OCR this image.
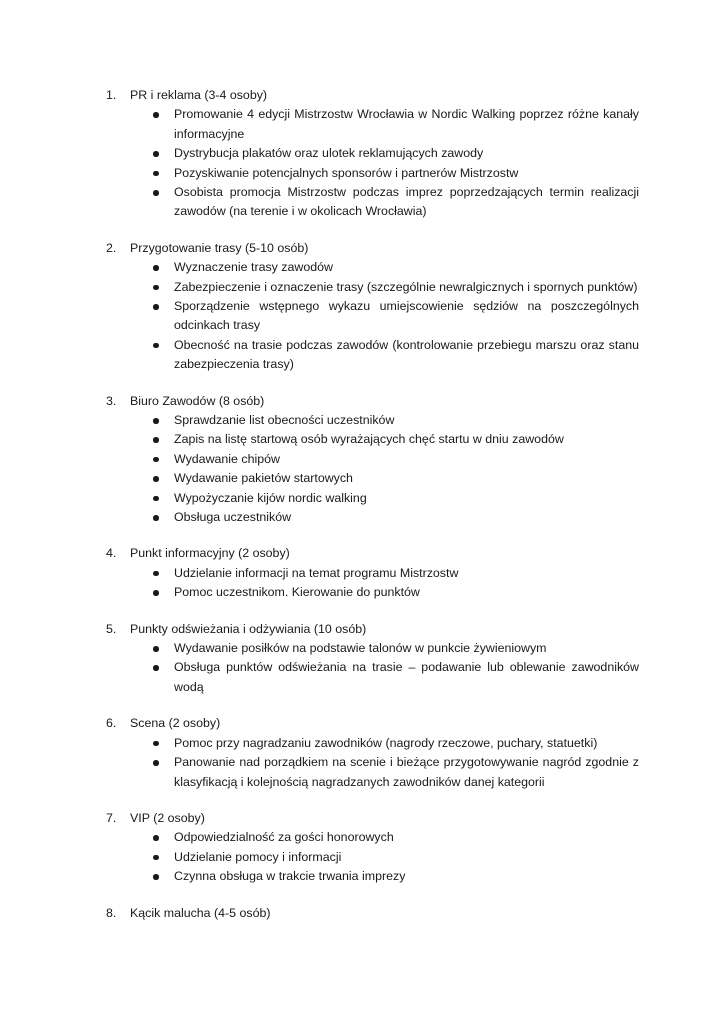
1.	PR i reklama (3-4 osoby)
Promowanie 4 edycji Mistrzostw Wrocławia w Nordic Walking poprzez różne kanały informacyjne
Dystrybucja plakatów oraz ulotek reklamujących zawody
Pozyskiwanie potencjalnych sponsorów i partnerów Mistrzostw
Osobista promocja Mistrzostw podczas imprez poprzedzających termin realizacji zawodów (na terenie i w okolicach Wrocławia)
2.	Przygotowanie trasy (5-10 osób)
Wyznaczenie trasy zawodów
Zabezpieczenie i oznaczenie trasy (szczególnie newralgicznych i spornych punktów)
Sporządzenie wstępnego wykazu umiejscowienie sędziów na poszczególnych odcinkach trasy
Obecność na trasie podczas zawodów (kontrolowanie przebiegu marszu oraz stanu zabezpieczenia trasy)
3.	Biuro Zawodów (8 osób)
Sprawdzanie list obecności uczestników
Zapis na listę startową osób wyrażających chęć startu w dniu zawodów
Wydawanie chipów
Wydawanie pakietów startowych
Wypożyczanie kijów nordic walking
Obsługa uczestników
4.	Punkt informacyjny (2 osoby)
Udzielanie informacji na temat programu Mistrzostw
Pomoc uczestnikom. Kierowanie do punktów
5.	Punkty odświeżania i odżywiania (10 osób)
Wydawanie posiłków na podstawie talonów w punkcie żywieniowym
Obsługa punktów odświeżania na trasie – podawanie lub oblewanie zawodników wodą
6.	Scena (2 osoby)
Pomoc przy nagradzaniu zawodników (nagrody rzeczowe, puchary, statuetki)
Panowanie nad porządkiem na scenie i bieżące przygotowywanie nagród zgodnie z klasyfikacją i kolejnością nagradzanych zawodników danej kategorii
7.	VIP (2 osoby)
Odpowiedzialność za gości honorowych
Udzielanie pomocy i informacji
Czynna obsługa w trakcie trwania imprezy
8.	Kącik malucha (4-5 osób)
